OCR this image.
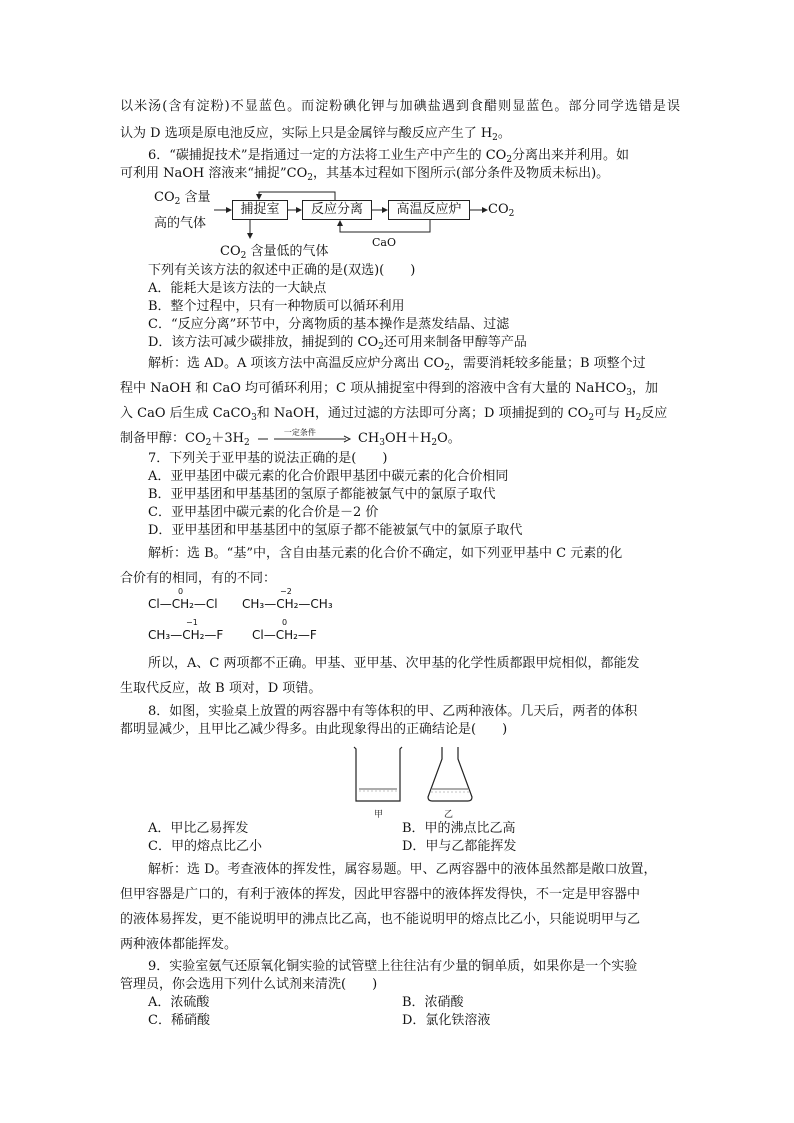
以米汤(含有淀粉)不显蓝色。而淀粉碘化钾与加碘盐遇到食醋则显蓝色。部分同学选错是误
认为 D 选项是原电池反应，实际上只是金属锌与酸反应产生了 $H_2$。
6．“碳捕捉技术”是指通过一定的方法将工业生产中产生的 $CO_2$分离出来并利用。如
可利用 NaOH 溶液来“捕捉$”CO_2$，其基本过程如下图所示(部分条件及物质未标出)。
$CO_2$ 含量
高的气体
捕捉室	反应分离	高温反应炉	$CO_2$
$CO_2$ 含量低的气体
CaO
下列有关该方法的叙述中正确的是(双选)(　　)
A．能耗大是该方法的一大缺点
B．整个过程中，只有一种物质可以循环利用
C．“反应分离”环节中，分离物质的基本操作是蒸发结晶、过滤
D．该方法可减少碳排放，捕捉到的 $CO_2$还可用来制备甲醇等产品
解析：选 AD。A 项该方法中高温反应炉分离出 $CO_2$，需要消耗较多能量；B 项整个过
程中 NaOH 和 CaO 均可循环利用；C 项从捕捉室中得到的溶液中含有大量的 NaHCO$_3$，加
入 CaO 后生成 CaCO$_3$和 NaOH，通过过滤的方法即可分离；D 项捕捉到的 $CO_2$可与 $H_2$反应
制备甲醇：$CO_2+3H_2$
一定条件	$CH_3OH+H_2O$。
7．下列关于亚甲基的说法正确的是(　　)
A．亚甲基团中碳元素的化合价跟甲基团中碳元素的化合价相同
B．亚甲基团和甲基基团的氢原子都能被氯气中的氯原子取代
C．亚甲基团中碳元素的化合价是－2 价
D．亚甲基团和甲基基团中的氢原子都不能被氯气中的氯原子取代
解析：选 B。“基”中，含自由基元素的化合价不确定，如下列亚甲基中 C 元素的化
合价有的相同，有的不同：
0
Cl—CH₂—Cl
−2
CH₃—CH₂—CH₃
−1
CH₃—CH₂—F
0
Cl—CH₂—F
所以，A、C 两项都不正确。甲基、亚甲基、次甲基的化学性质都跟甲烷相似，都能发
生取代反应，故 B 项对，D 项错。
8．如图，实验桌上放置的两容器中有等体积的甲、乙两种液体。几天后，两者的体积
都明显减少，且甲比乙减少得多。由此现象得出的正确结论是(　　)
甲	乙
A．甲比乙易挥发	B．甲的沸点比乙高
C．甲的熔点比乙小	D．甲与乙都能挥发
解析：选 D。考查液体的挥发性，属容易题。甲、乙两容器中的液体虽然都是敞口放置，
但甲容器是广口的，有利于液体的挥发，因此甲容器中的液体挥发得快，不一定是甲容器中
的液体易挥发，更不能说明甲的沸点比乙高，也不能说明甲的熔点比乙小，只能说明甲与乙
两种液体都能挥发。
9．实验室氨气还原氧化铜实验的试管壁上往往沾有少量的铜单质，如果你是一个实验
管理员，你会选用下列什么试剂来清洗(　　)
A．浓硫酸	B．浓硝酸
C．稀硝酸	D．氯化铁溶液
